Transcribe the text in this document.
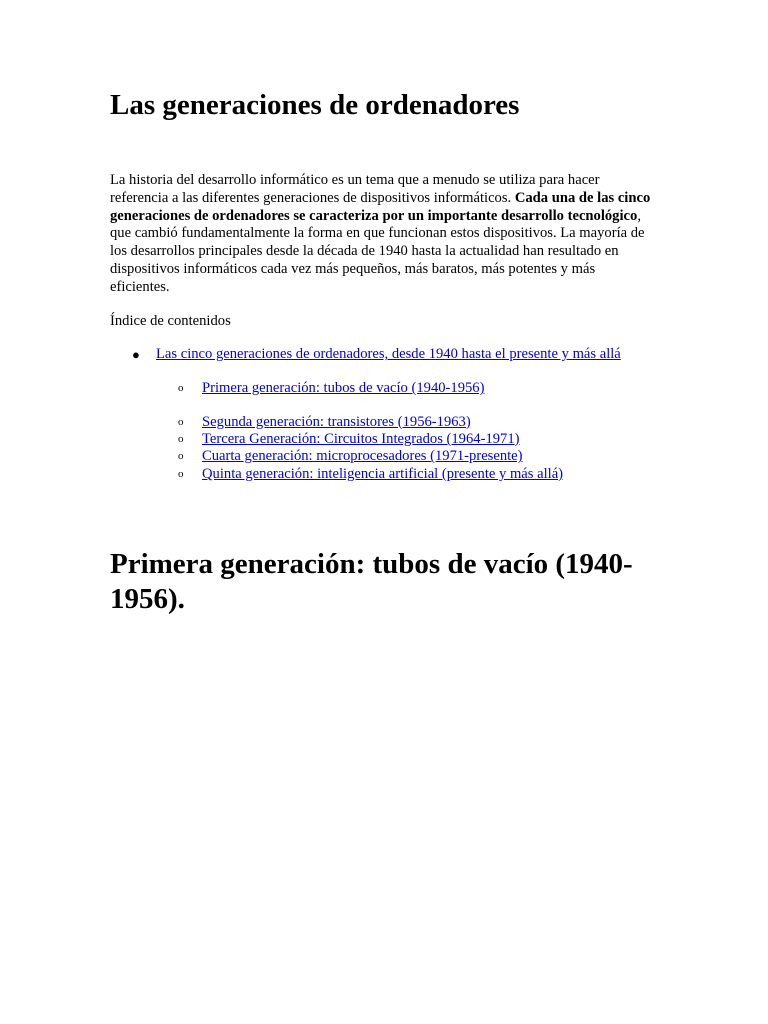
Las generaciones de ordenadores

La historia del desarrollo informático es un tema que a menudo se utiliza para hacer referencia a las diferentes generaciones de dispositivos informáticos. Cada una de las cinco generaciones de ordenadores se caracteriza por un importante desarrollo tecnológico, que cambió fundamentalmente la forma en que funcionan estos dispositivos. La mayoría de los desarrollos principales desde la década de 1940 hasta la actualidad han resultado en dispositivos informáticos cada vez más pequeños, más baratos, más potentes y más eficientes.

Índice de contenidos

● Las cinco generaciones de ordenadores, desde 1940 hasta el presente y más allá
o Primera generación: tubos de vacío (1940-1956)
o Segunda generación: transistores (1956-1963)
o Tercera Generación: Circuitos Integrados (1964-1971)
o Cuarta generación: microprocesadores (1971-presente)
o Quinta generación: inteligencia artificial (presente y más allá)
Primera generación: tubos de vacío (1940-1956).
